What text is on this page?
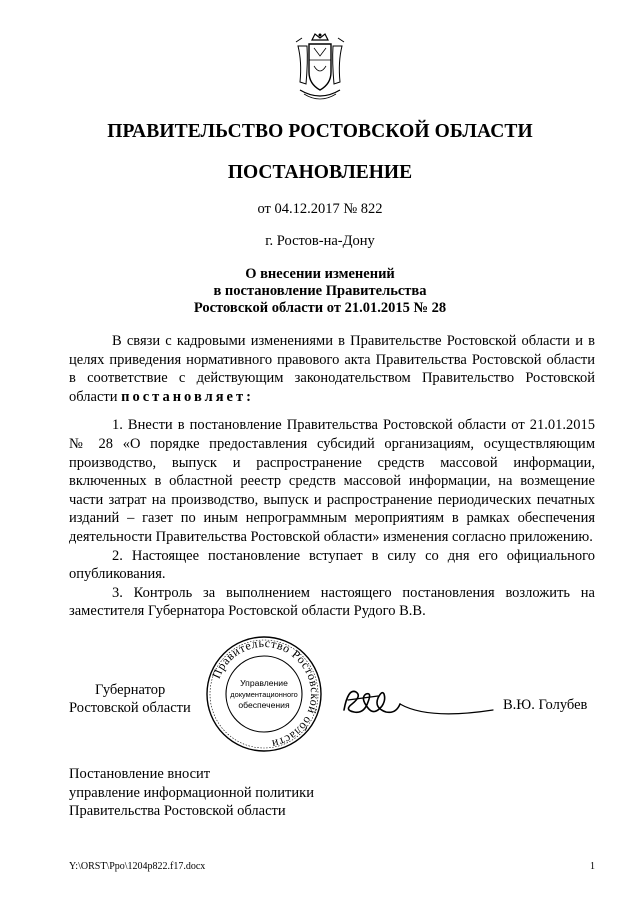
ПРАВИТЕЛЬСТВО РОСТОВСКОЙ ОБЛАСТИ
ПОСТАНОВЛЕНИЕ
от 04.12.2017 № 822
г. Ростов-на-Дону
О внесении изменений
в постановление Правительства
Ростовской области от 21.01.2015 № 28

В связи с кадровыми изменениями в Правительстве Ростовской области и в целях приведения нормативного правового акта Правительства Ростовской области в соответствие с действующим законодательством Правительство Ростовской области постановляет:

1. Внести в постановление Правительства Ростовской области от 21.01.2015 № 28 «О порядке предоставления субсидий организациям, осуществляющим производство, выпуск и распространение средств массовой информации, включенных в областной реестр средств массовой информации, на возмещение части затрат на производство, выпуск и распространение периодических печатных изданий – газет по иным непрограммным мероприятиям в рамках обеспечения деятельности Правительства Ростовской области» изменения согласно приложению.

2. Настоящее постановление вступает в силу со дня его официального опубликования.

3. Контроль за выполнением настоящего постановления возложить на заместителя Губернатора Ростовской области Рудого В.В.

Губернатор
Ростовской области
Правительство Ростовской области
Управление
документационного
обеспечения	В.Ю. Голубев
Постановление вносит
управление информационной политики
Правительства Ростовской области
Y:\ORST\Ppo\1204p822.f17.docx	1
